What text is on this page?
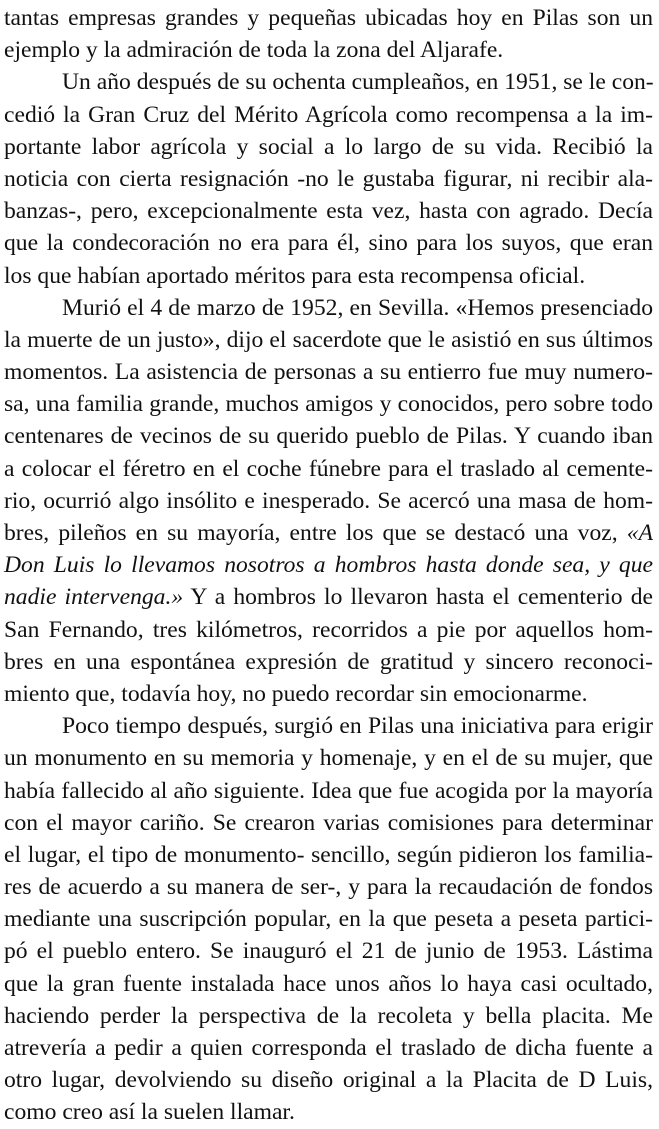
tantas empresas grandes y pequeñas ubicadas hoy en Pilas son un
ejemplo y la admiración de toda la zona del Aljarafe.
Un año después de su ochenta cumpleaños, en 1951, se le con-
cedió la Gran Cruz del Mérito Agrícola como recompensa a la im-
portante labor agrícola y social a lo largo de su vida. Recibió la
noticia con cierta resignación -no le gustaba figurar, ni recibir ala-
banzas-, pero, excepcionalmente esta vez, hasta con agrado. Decía
que la condecoración no era para él, sino para los suyos, que eran
los que habían aportado méritos para esta recompensa oficial.
Murió el 4 de marzo de 1952, en Sevilla. «Hemos presenciado
la muerte de un justo», dijo el sacerdote que le asistió en sus últimos
momentos. La asistencia de personas a su entierro fue muy numero-
sa, una familia grande, muchos amigos y conocidos, pero sobre todo
centenares de vecinos de su querido pueblo de Pilas. Y cuando iban
a colocar el féretro en el coche fúnebre para el traslado al cemente-
rio, ocurrió algo insólito e inesperado. Se acercó una masa de hom-
bres, pileños en su mayoría, entre los que se destacó una voz, «A
Don Luis lo llevamos nosotros a hombros hasta donde sea, y que
nadie intervenga.» Y a hombros lo llevaron hasta el cementerio de
San Fernando, tres kilómetros, recorridos a pie por aquellos hom-
bres en una espontánea expresión de gratitud y sincero reconoci-
miento que, todavía hoy, no puedo recordar sin emocionarme.
Poco tiempo después, surgió en Pilas una iniciativa para erigir
un monumento en su memoria y homenaje, y en el de su mujer, que
había fallecido al año siguiente. Idea que fue acogida por la mayoría
con el mayor cariño. Se crearon varias comisiones para determinar
el lugar, el tipo de monumento- sencillo, según pidieron los familia-
res de acuerdo a su manera de ser-, y para la recaudación de fondos
mediante una suscripción popular, en la que peseta a peseta partici-
pó el pueblo entero. Se inauguró el 21 de junio de 1953. Lástima
que la gran fuente instalada hace unos años lo haya casi ocultado,
haciendo perder la perspectiva de la recoleta y bella placita. Me
atrevería a pedir a quien corresponda el traslado de dicha fuente a
otro lugar, devolviendo su diseño original a la Placita de D Luis,
como creo así la suelen llamar.
